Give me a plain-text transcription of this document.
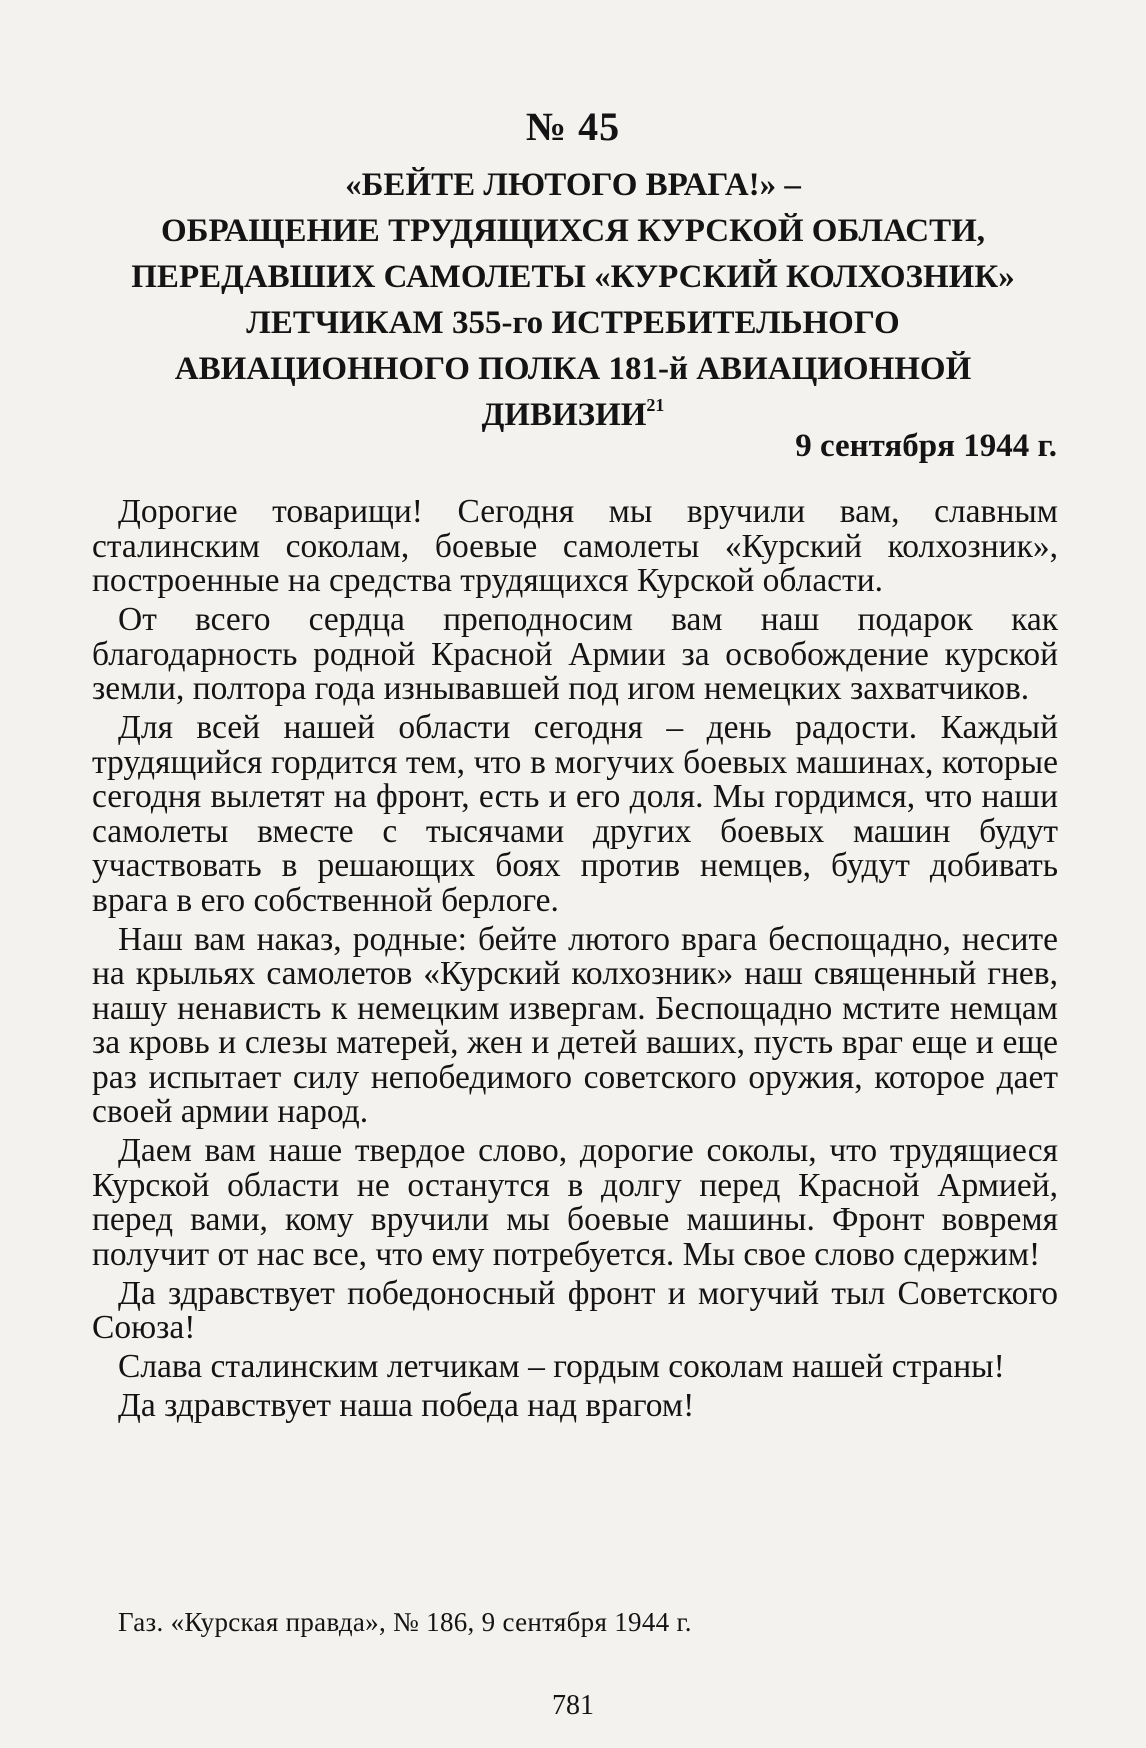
№ 45
«БЕЙТЕ ЛЮТОГО ВРАГА!» –
ОБРАЩЕНИЕ ТРУДЯЩИХСЯ КУРСКОЙ ОБЛАСТИ,
ПЕРЕДАВШИХ САМОЛЕТЫ «КУРСКИЙ КОЛХОЗНИК»
ЛЕТЧИКАМ 355-го ИСТРЕБИТЕЛЬНОГО
АВИАЦИОННОГО ПОЛКА 181-й АВИАЦИОННОЙ
ДИВИЗИИ$^{21}$
9 сентября 1944 г.

Дорогие товарищи! Сегодня мы вручили вам, славным сталинским соколам, боевые самолеты «Курский колхозник», построенные на средства трудящихся Курской области.

От всего сердца преподносим вам наш подарок как благодарность родной Красной Армии за освобождение курской земли, полтора года изнывавшей под игом немецких захватчиков.

Для всей нашей области сегодня – день радости. Каждый трудящийся гордится тем, что в могучих боевых машинах, которые сегодня вылетят на фронт, есть и его доля. Мы гордимся, что наши самолеты вместе с тысячами других боевых машин будут участвовать в решающих боях против немцев, будут добивать врага в его собственной берлоге.

Наш вам наказ, родные: бейте лютого врага беспощадно, несите на крыльях самолетов «Курский колхозник» наш священный гнев, нашу ненависть к немецким извергам. Беспощадно мстите немцам за кровь и слезы матерей, жен и детей ваших, пусть враг еще и еще раз испытает силу непобедимого советского оружия, которое дает своей армии народ.

Даем вам наше твердое слово, дорогие соколы, что трудящиеся Курской области не останутся в долгу перед Красной Армией, перед вами, кому вручили мы боевые машины. Фронт вовремя получит от нас все, что ему потребуется. Мы свое слово сдержим!

Да здравствует победоносный фронт и могучий тыл Советского Союза!

Слава сталинским летчикам – гордым соколам нашей страны!

Да здравствует наша победа над врагом!

Газ. «Курская правда», № 186, 9 сентября 1944 г.
781
